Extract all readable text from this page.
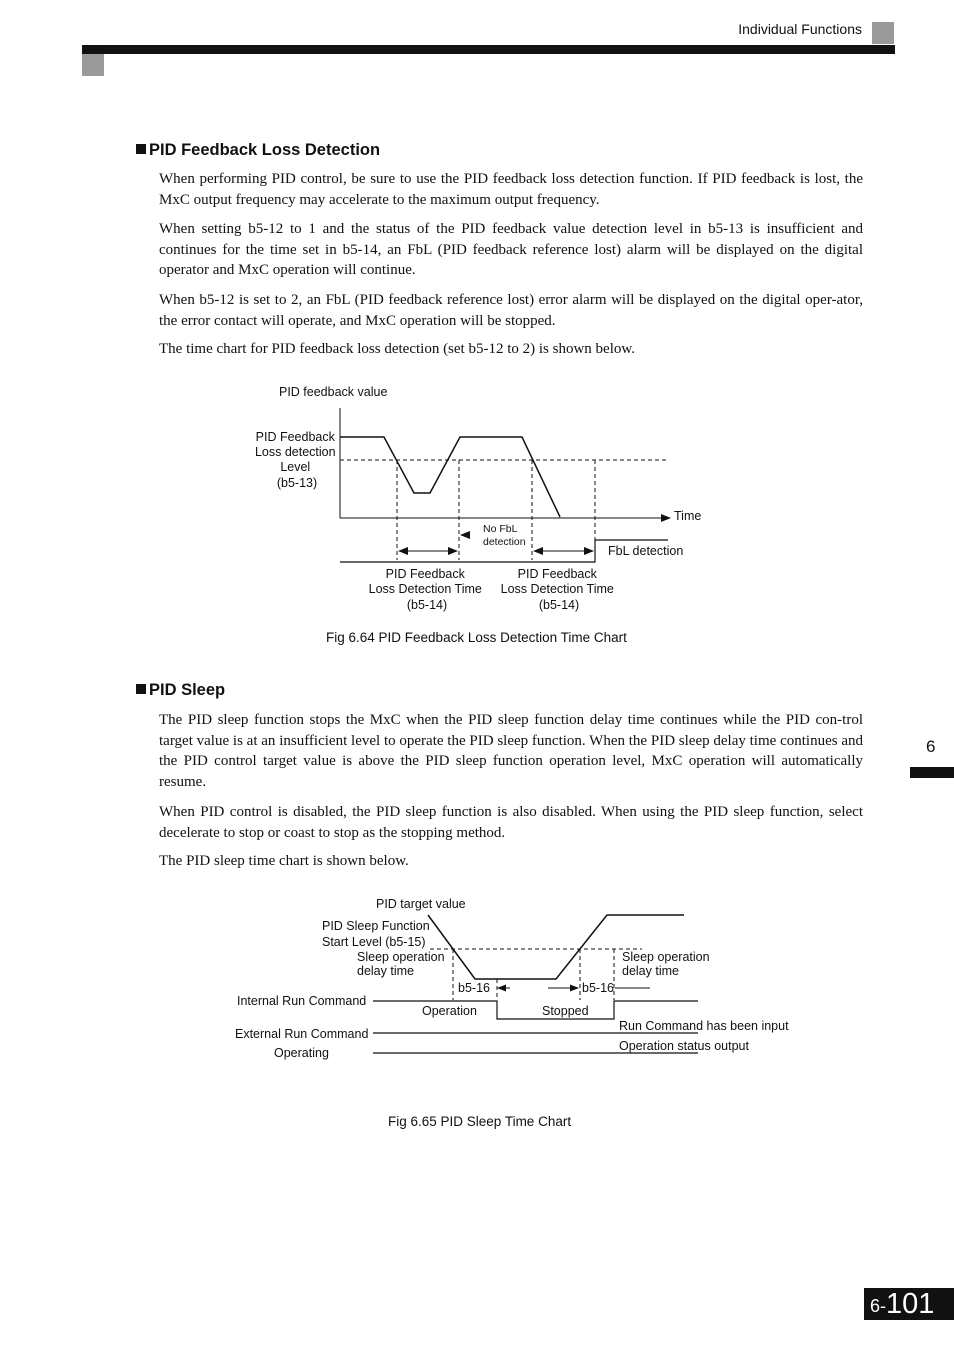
Individual Functions
PID Feedback Loss Detection

When performing PID control, be sure to use the PID feedback loss detection function. If PID feedback is lost, the MxC output frequency may accelerate to the maximum output frequency.

When setting b5-12 to 1 and the status of the PID feedback value detection level in b5-13 is insufficient and continues for the time set in b5-14, an FbL (PID feedback reference lost) alarm will be displayed on the digital operator and MxC operation will continue.

When b5-12 is set to 2, an FbL (PID feedback reference lost) error alarm will be displayed on the digital oper-ator, the error contact will operate, and MxC operation will be stopped.

The time chart for PID feedback loss detection (set b5-12 to 2) is shown below.

PID feedback value
Time
PID Feedback Loss detection Level (b5-13)
FbL detection
No FbL detection
PID Feedback Loss Detection Time (b5-14)
PID Feedback Loss Detection Time (b5-14)
Fig 6.64 PID Feedback Loss Detection Time Chart
PID Sleep

The PID sleep function stops the MxC when the PID sleep function delay time continues while the PID con-trol target value is at an insufficient level to operate the PID sleep function. When the PID sleep delay time continues and the PID control target value is above the PID sleep function operation level, MxC operation will automatically resume.

When PID control is disabled, the PID sleep function is also disabled. When using the PID sleep function, select decelerate to stop or coast to stop as the stopping method.

The PID sleep time chart is shown below.

PID target value
PID Sleep Function Start Level (b5-15)
Sleep operation delay time
Sleep operation delay time
b5-16	b5-16
Internal Run Command
Operation	Stopped
External Run Command
Run Command has been input
Operating	Operation status output
Fig 6.65 PID Sleep Time Chart
6
6- 101
